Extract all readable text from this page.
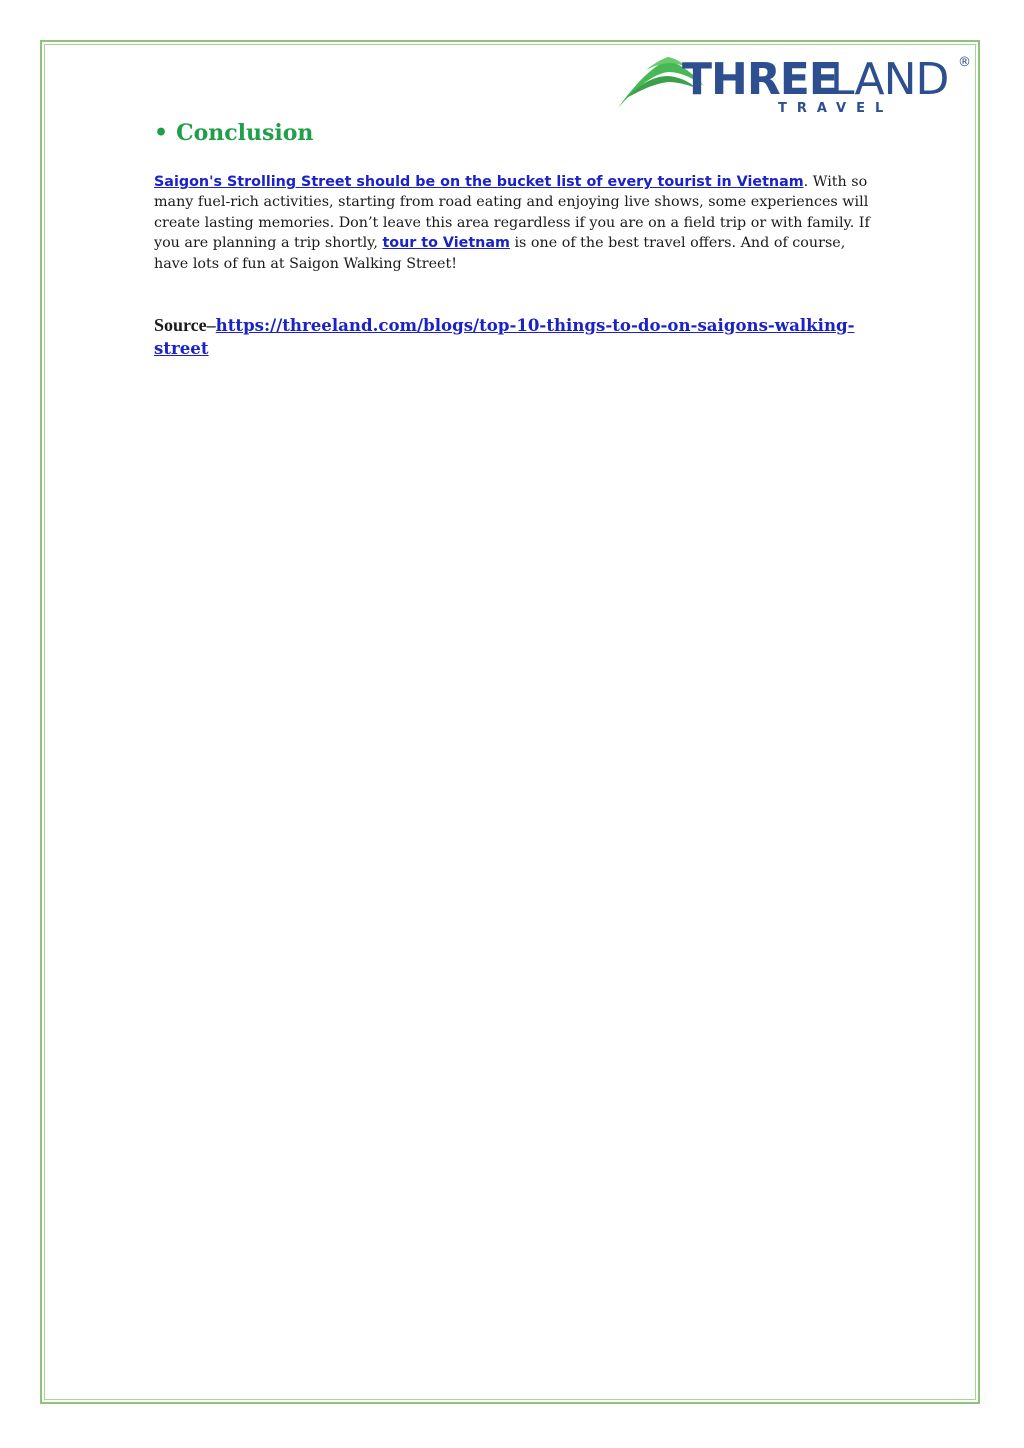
THREE
LAND ®
TRAVEL
• Conclusion

Saigon's Strolling Street should be on the bucket list of every tourist in Vietnam. With so many fuel-rich activities, starting from road eating and enjoying live shows, some experiences will create lasting memories. Don’t leave this area regardless if you are on a field trip or with family. If you are planning a trip shortly, tour to Vietnam is one of the best travel offers. And of course, have lots of fun at Saigon Walking Street!

Source–https://threeland.com/blogs/top-10-things-to-do-on-saigons-walking-street
